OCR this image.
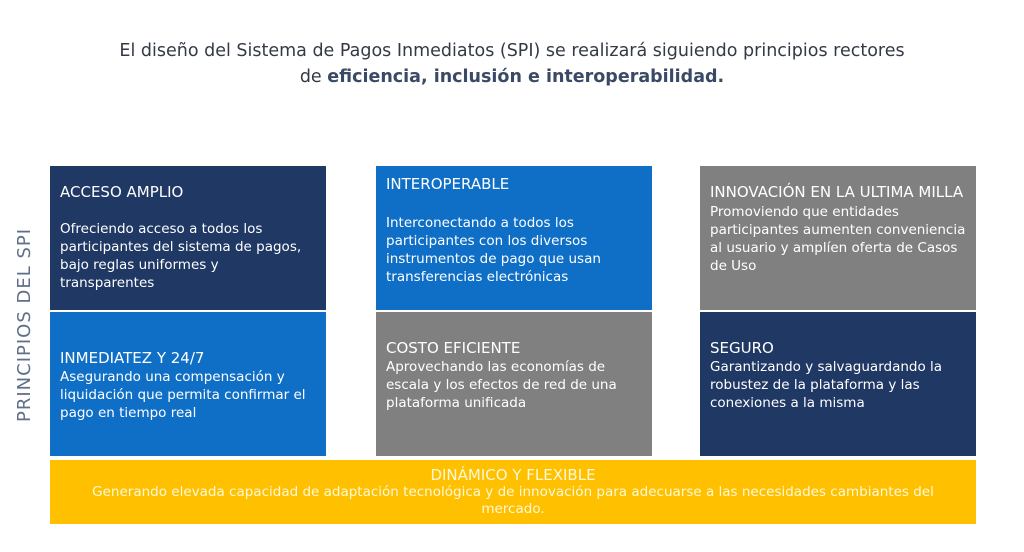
El diseño del Sistema de Pagos Inmediatos (SPI) se realizará siguiendo principios rectores
de eficiencia, inclusión e interoperabilidad.
PRINCIPIOS DEL SPI
ACCESO AMPLIO
Ofreciendo acceso a todos los participantes del sistema de pagos, bajo reglas uniformes y transparentes
INTEROPERABLE
Interconectando a todos los participantes con los diversos instrumentos de pago que usan transferencias electrónicas
INNOVACIÓN EN LA ULTIMA MILLA
Promoviendo que entidades participantes aumenten conveniencia al usuario y amplíen oferta de Casos de Uso
INMEDIATEZ Y 24/7
Asegurando una compensación y liquidación que permita confirmar el pago en tiempo real
COSTO EFICIENTE
Aprovechando las economías de escala y los efectos de red de una plataforma unificada
SEGURO
Garantizando y salvaguardando la robustez de la plataforma y las conexiones a la misma
DINÁMICO Y FLEXIBLE
Generando elevada capacidad de adaptación tecnológica y de innovación para adecuarse a las necesidades cambiantes del mercado.
